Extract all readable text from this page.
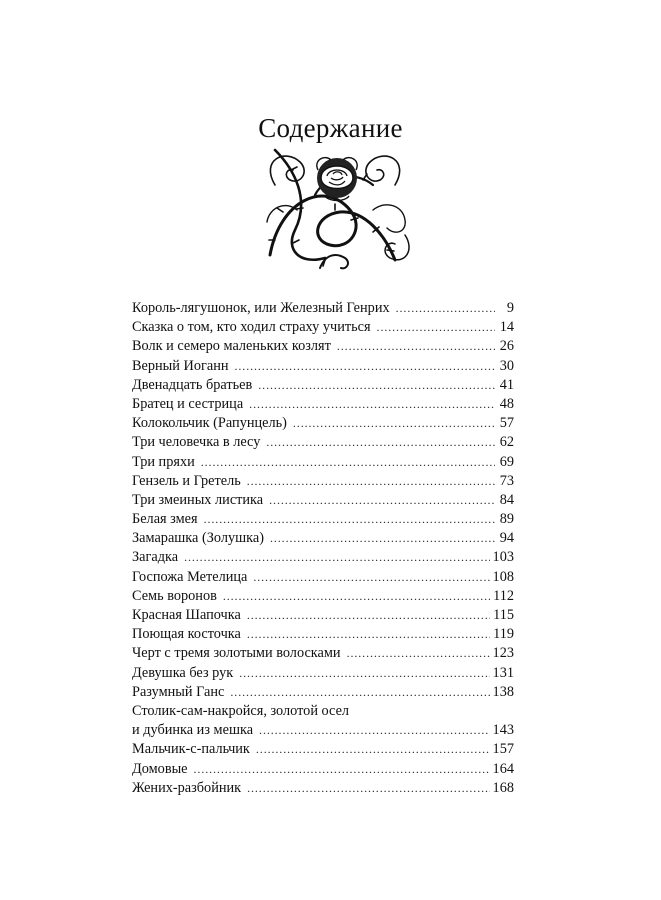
Содержание
Король-лягушонок, или Железный Генрих .....	9
Сказка о том, кто ходил страху учиться .....	14
Волк и семеро маленьких козлят .....	26
Верный Иоганн .....	30
Двенадцать братьев .....	41
Братец и сестрица .....	48
Колокольчик (Рапунцель) .....	57
Три человечка в лесу .....	62
Три пряхи .....	69
Гензель и Гретель .....	73
Три змеиных листика .....	84
Белая змея .....	89
Замарашка (Золушка) .....	94
Загадка .....	103
Госпожа Метелица .....	108
Семь воронов .....	112
Красная Шапочка .....	115
Поющая косточка .....	119
Черт с тремя золотыми волосками .....	123
Девушка без рук .....	131
Разумный Ганс .....	138
Столик-сам-накройся, золотой осел
и дубинка из мешка .....	143
Мальчик-с-пальчик .....	157
Домовые .....	164
Жених-разбойник .....	168
